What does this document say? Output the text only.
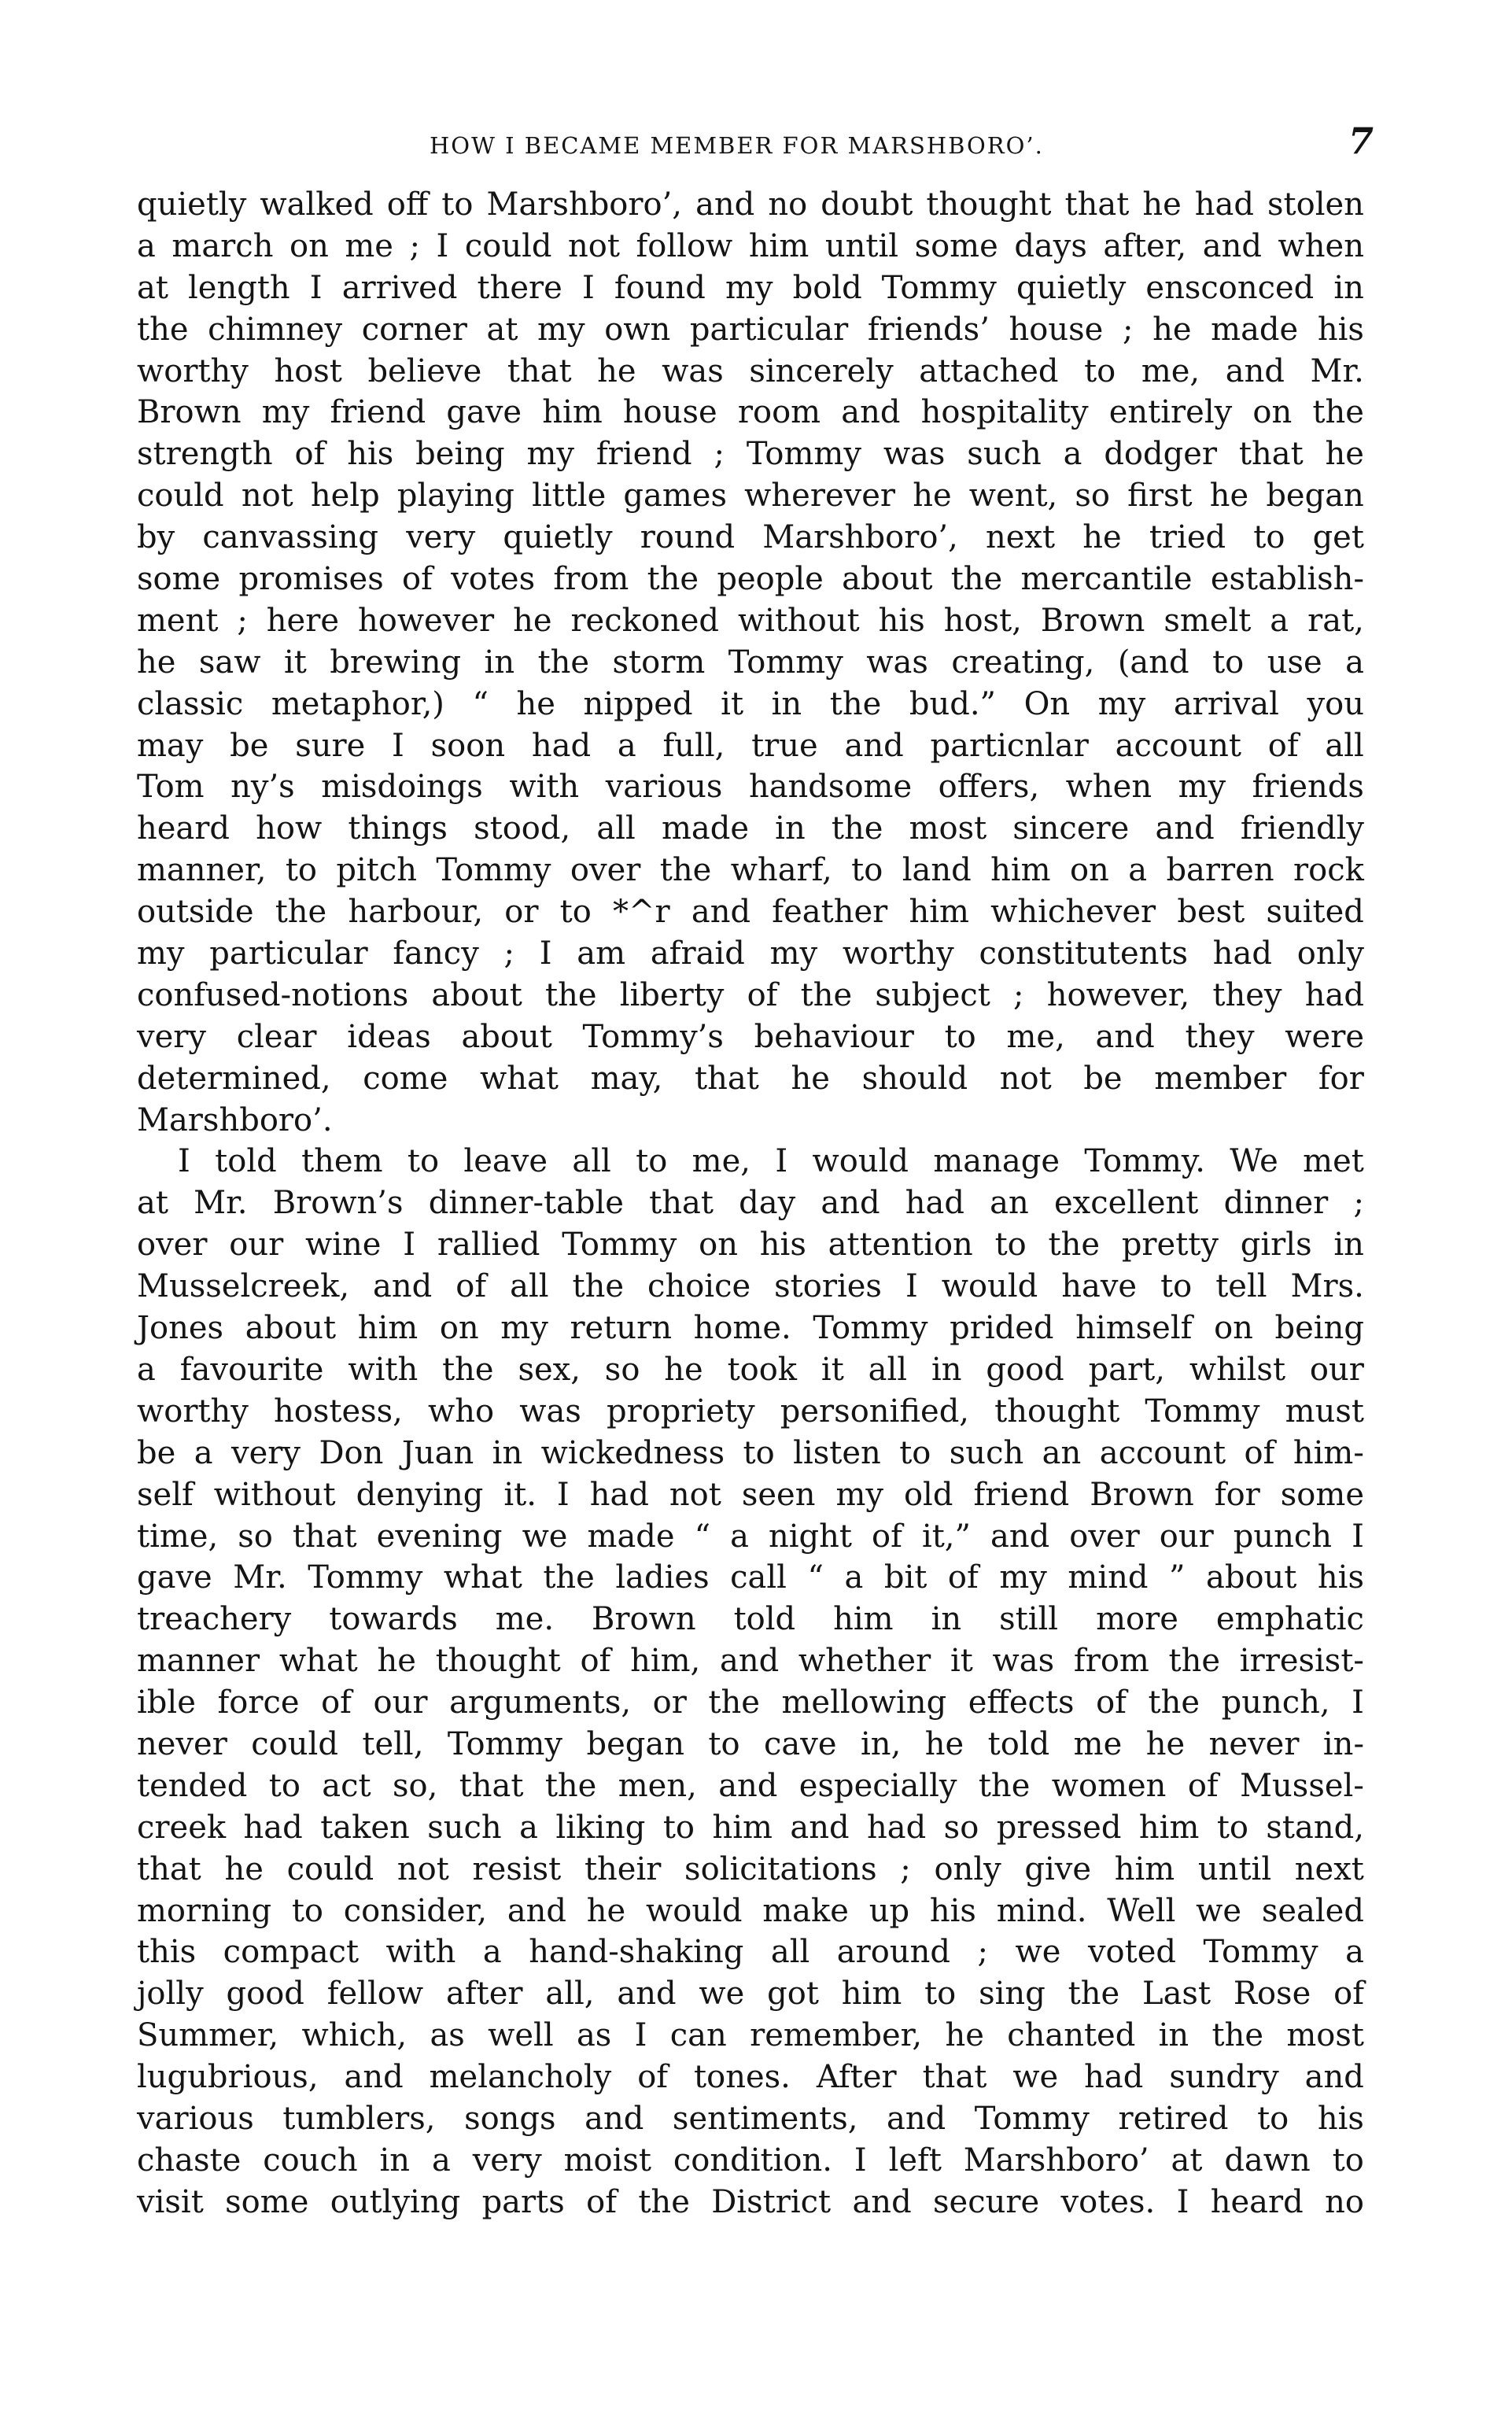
HOW I BECAME MEMBER FOR MARSHBORO’.	7
quietly walked off to Marshboro’, and no doubt thought that he had stolen
a march on me ; I could not follow him until some days after, and when
at length I arrived there I found my bold Tommy quietly ensconced in
the chimney corner at my own particular friends’ house ; he made his
worthy host believe that he was sincerely attached to me, and Mr.
Brown my friend gave him house room and hospitality entirely on the
strength of his being my friend ; Tommy was such a dodger that he
could not help playing little games wherever he went, so first he began
by canvassing very quietly round Marshboro’, next he tried to get
some promises of votes from the people about the mercantile establish-
ment ; here however he reckoned without his host, Brown smelt a rat,
he saw it brewing in the storm Tommy was creating, (and to use a
classic metaphor,) “ he nipped it in the bud.” On my arrival you
may be sure I soon had a full, true and particnlar account of all
Tom ny’s misdoings with various handsome offers, when my friends
heard how things stood, all made in the most sincere and friendly
manner, to pitch Tommy over the wharf, to land him on a barren rock
outside the harbour, or to *^r and feather him whichever best suited
my particular fancy ; I am afraid my worthy constitutents had only
confused-notions about the liberty of the subject ; however, they had
very clear ideas about Tommy’s behaviour to me, and they were
determined, come what may, that he should not be member for
Marshboro’.
I told them to leave all to me, I would manage Tommy. We met
at Mr. Brown’s dinner-table that day and had an excellent dinner ;
over our wine I rallied Tommy on his attention to the pretty girls in
Musselcreek, and of all the choice stories I would have to tell Mrs.
Jones about him on my return home. Tommy prided himself on being
a favourite with the sex, so he took it all in good part, whilst our
worthy hostess, who was propriety personified, thought Tommy must
be a very Don Juan in wickedness to listen to such an account of him-
self without denying it. I had not seen my old friend Brown for some
time, so that evening we made “ a night of it,” and over our punch I
gave Mr. Tommy what the ladies call “ a bit of my mind ” about his
treachery towards me. Brown told him in still more emphatic
manner what he thought of him, and whether it was from the irresist-
ible force of our arguments, or the mellowing effects of the punch, I
never could tell, Tommy began to cave in, he told me he never in-
tended to act so, that the men, and especially the women of Mussel-
creek had taken such a liking to him and had so pressed him to stand,
that he could not resist their solicitations ; only give him until next
morning to consider, and he would make up his mind. Well we sealed
this compact with a hand-shaking all around ; we voted Tommy a
jolly good fellow after all, and we got him to sing the Last Rose of
Summer, which, as well as I can remember, he chanted in the most
lugubrious, and melancholy of tones. After that we had sundry and
various tumblers, songs and sentiments, and Tommy retired to his
chaste couch in a very moist condition. I left Marshboro’ at dawn to
visit some outlying parts of the District and secure votes. I heard no
